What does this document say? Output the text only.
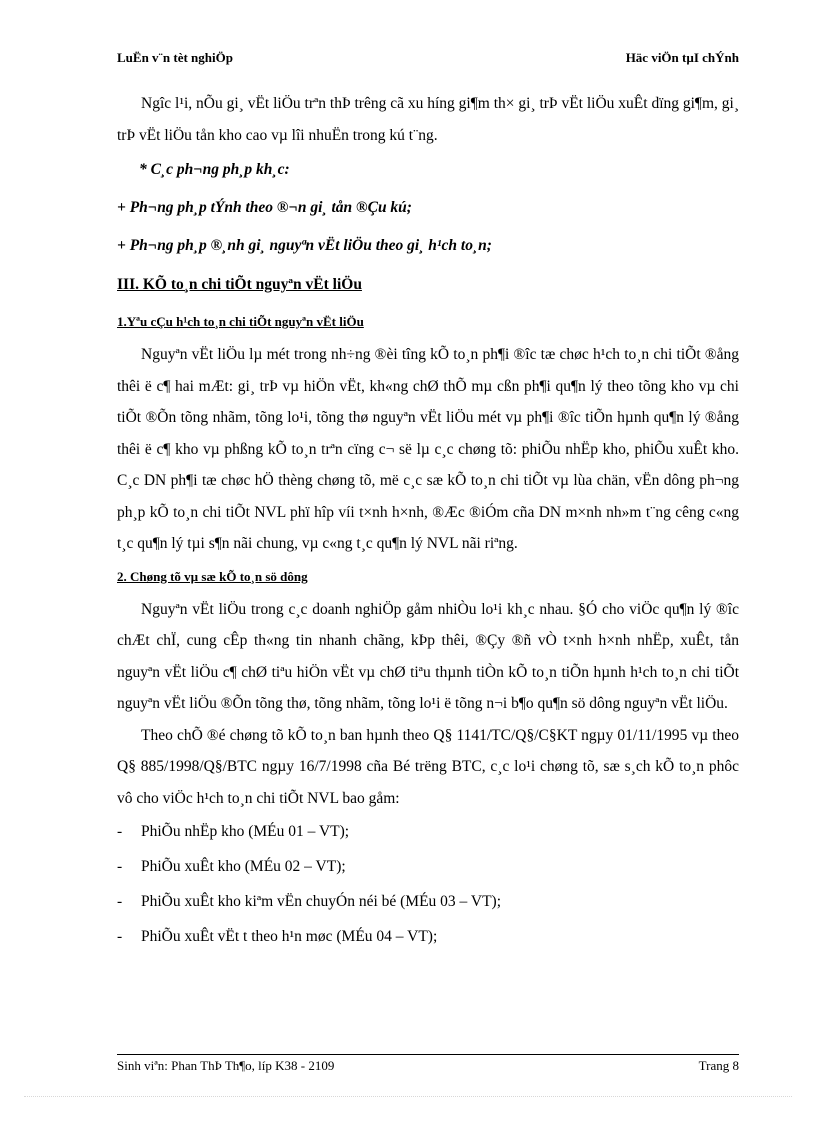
LuËn v¨n tèt nghiÖp	Häc viÖn tµI chÝnh

Ngîc l¹i, nÕu gi¸ vËt liÖu trªn thÞ trêng cã xu híng gi¶m th× gi¸ trÞ vËt liÖu xuÊt dïng gi¶m, gi¸ trÞ vËt liÖu tån kho cao vµ lîi nhuËn trong kú t¨ng.

* C¸c ph¬ng ph¸p kh¸c:

+ Ph¬ng ph¸p tÝnh theo ®¬n gi¸ tån ®Çu kú;

+ Ph¬ng ph¸p ®¸nh gi¸ nguyªn vËt liÖu theo gi¸ h¹ch to¸n;

III. KÕ to¸n chi tiÕt nguyªn vËt liÖu

1.Yªu cÇu h¹ch to¸n chi tiÕt nguyªn vËt liÖu

Nguyªn vËt liÖu lµ mét trong nh÷ng ®èi tîng kÕ to¸n ph¶i ®îc tæ chøc h¹ch to¸n chi tiÕt ®ång thêi ë c¶ hai mÆt: gi¸ trÞ vµ hiÖn vËt, kh«ng chØ thÕ mµ cßn ph¶i qu¶n lý theo tõng kho vµ chi tiÕt ®Õn tõng nhãm, tõng lo¹i, tõng thø nguyªn vËt liÖu mét vµ ph¶i ®îc tiÕn hµnh qu¶n lý ®ång thêi ë c¶ kho vµ phßng kÕ to¸n trªn cïng c¬ së lµ c¸c chøng tõ: phiÕu nhËp kho, phiÕu xuÊt kho. C¸c DN ph¶i tæ chøc hÖ thèng chøng tõ, më c¸c sæ kÕ to¸n chi tiÕt vµ lùa chän, vËn dông ph¬ng ph¸p kÕ to¸n chi tiÕt NVL phï hîp víi t×nh h×nh, ®Æc ®iÓm cña DN m×nh nh»m t¨ng cêng c«ng t¸c qu¶n lý tµi s¶n nãi chung, vµ c«ng t¸c qu¶n lý NVL nãi riªng.

2. Chøng tõ vµ sæ kÕ to¸n sö dông

Nguyªn vËt liÖu trong c¸c doanh nghiÖp gåm nhiÒu lo¹i kh¸c nhau. §Ó cho viÖc qu¶n lý ®îc chÆt chÏ, cung cÊp th«ng tin nhanh chãng, kÞp thêi, ®Çy ®ñ vÒ t×nh h×nh nhËp, xuÊt, tån nguyªn vËt liÖu c¶ chØ tiªu hiÖn vËt vµ chØ tiªu thµnh tiÒn kÕ to¸n tiÕn hµnh h¹ch to¸n chi tiÕt nguyªn vËt liÖu ®Õn tõng thø, tõng nhãm, tõng lo¹i ë tõng n¬i b¶o qu¶n sö dông nguyªn vËt liÖu.

Theo chÕ ®é chøng tõ kÕ to¸n ban hµnh theo Q§ 1141/TC/Q§/C§KT ngµy 01/11/1995 vµ theo Q§ 885/1998/Q§/BTC ngµy 16/7/1998 cña Bé trëng BTC, c¸c lo¹i chøng tõ, sæ s¸ch kÕ to¸n phôc vô cho viÖc h¹ch to¸n chi tiÕt NVL bao gåm:

- PhiÕu nhËp kho (MÉu 01 – VT);

- PhiÕu xuÊt kho (MÉu 02 – VT);

- PhiÕu xuÊt kho kiªm vËn chuyÓn néi bé (MÉu 03 – VT);

- PhiÕu xuÊt vËt t theo h¹n møc (MÉu 04 – VT);

Sinh viªn: Phan ThÞ Th¶o, líp K38 - 2109	Trang 8
